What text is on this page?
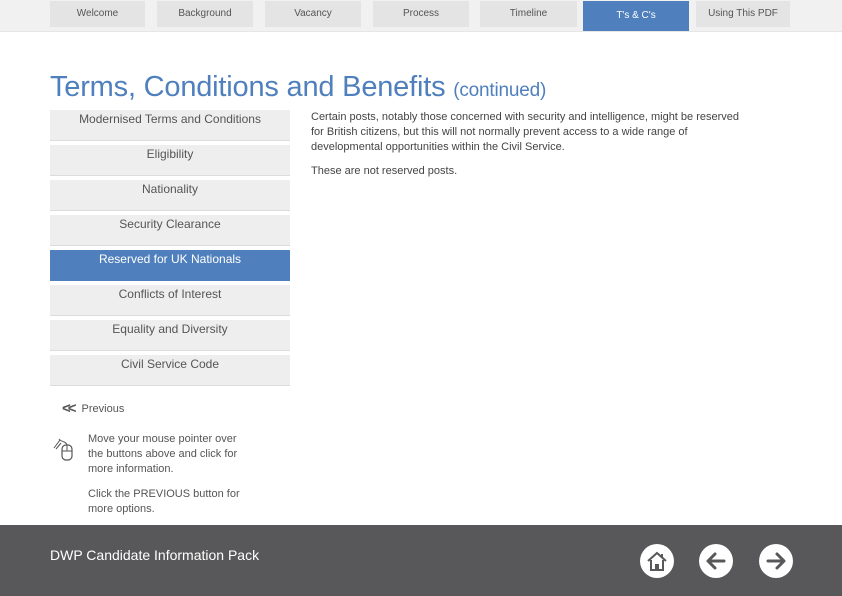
Welcome	Background	Vacancy	Process	Timeline	T's & C's	Using This PDF
Terms, Conditions and Benefits (continued)
Modernised Terms and Conditions
Eligibility
Nationality
Security Clearance
Reserved for UK Nationals
Conflicts of Interest
Equality and Diversity
Civil Service Code

Certain posts, notably those concerned with security and intelligence, might be reserved for British citizens, but this will not normally prevent access to a wide range of developmental opportunities within the Civil Service.

These are not reserved posts.

<< Previous

Move your mouse pointer over the buttons above and click for more information.

Click the PREVIOUS button for more options.

DWP Candidate Information Pack
